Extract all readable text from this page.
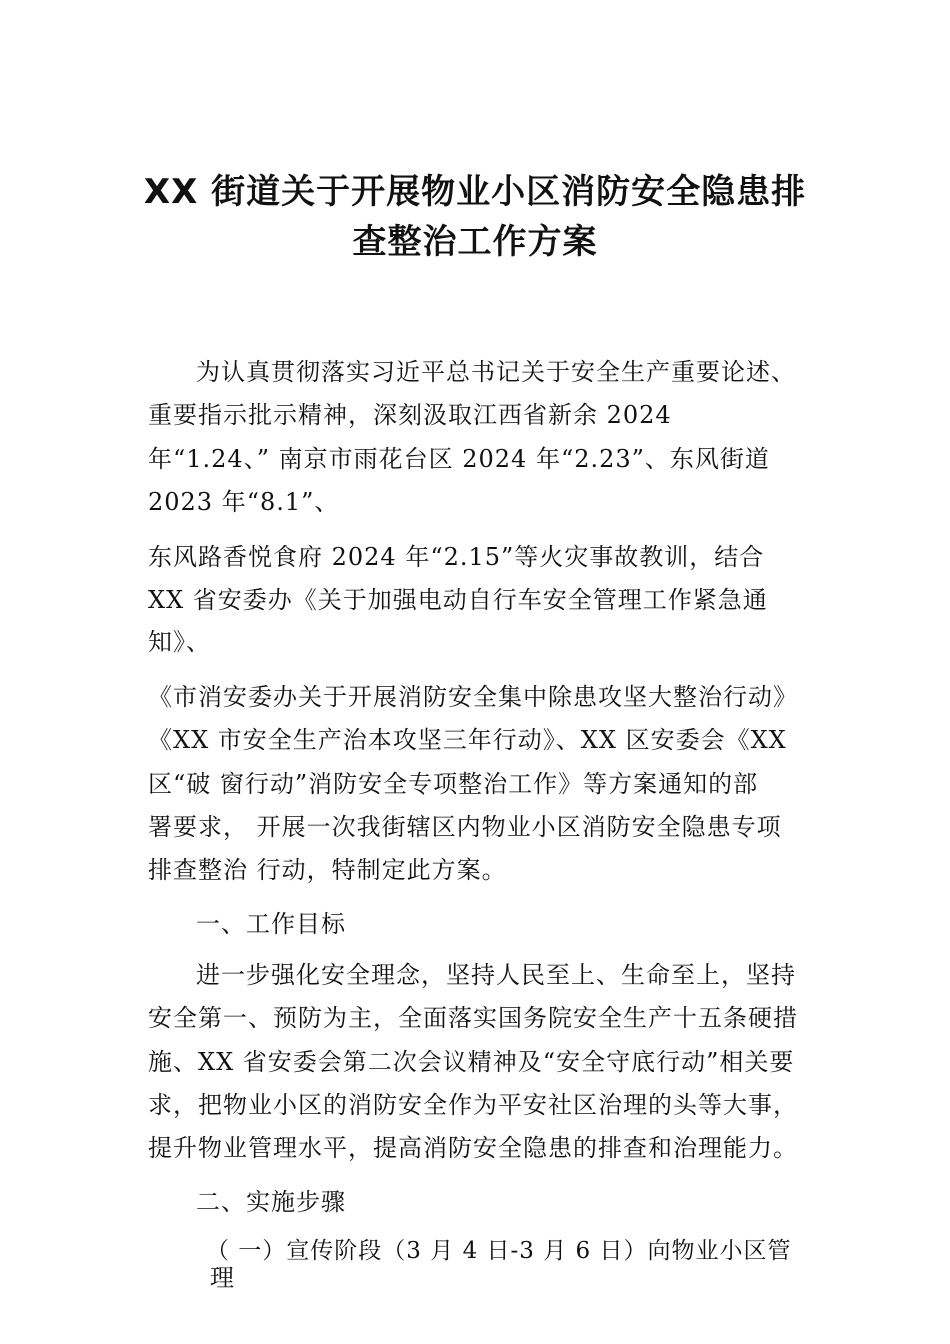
XX 街道关于开展物业小区消防安全隐患排
查整治工作方案
为认真贯彻落实习近平总书记关于安全生产重要论述、
重要指示批示精神，深刻汲取江西省新余 2024
年“1.24、” 南京市雨花台区 2024 年“2.23”、东风街道
2023 年“8.1”、
东风路香悦食府 2024 年“2.15”等火灾事故教训，结合
XX 省安委办《关于加强电动自行车安全管理工作紧急通
知》、
《市消安委办关于开展消防安全集中除患攻坚大整治行动》
《XX 市安全生产治本攻坚三年行动》、XX 区安委会《XX
区“破 窗行动”消防安全专项整治工作》等方案通知的部
署要求， 开展一次我街辖区内物业小区消防安全隐患专项
排查整治 行动，特制定此方案。
一、工作目标
进一步强化安全理念，坚持人民至上、生命至上，坚持
安全第一、预防为主，全面落实国务院安全生产十五条硬措
施、XX 省安委会第二次会议精神及“安全守底行动”相关要
求，把物业小区的消防安全作为平安社区治理的头等大事，
提升物业管理水平，提高消防安全隐患的排查和治理能力。
二、实施步骤
（ 一）宣传阶段（3 月 4 日-3 月 6 日）向物业小区管
理
